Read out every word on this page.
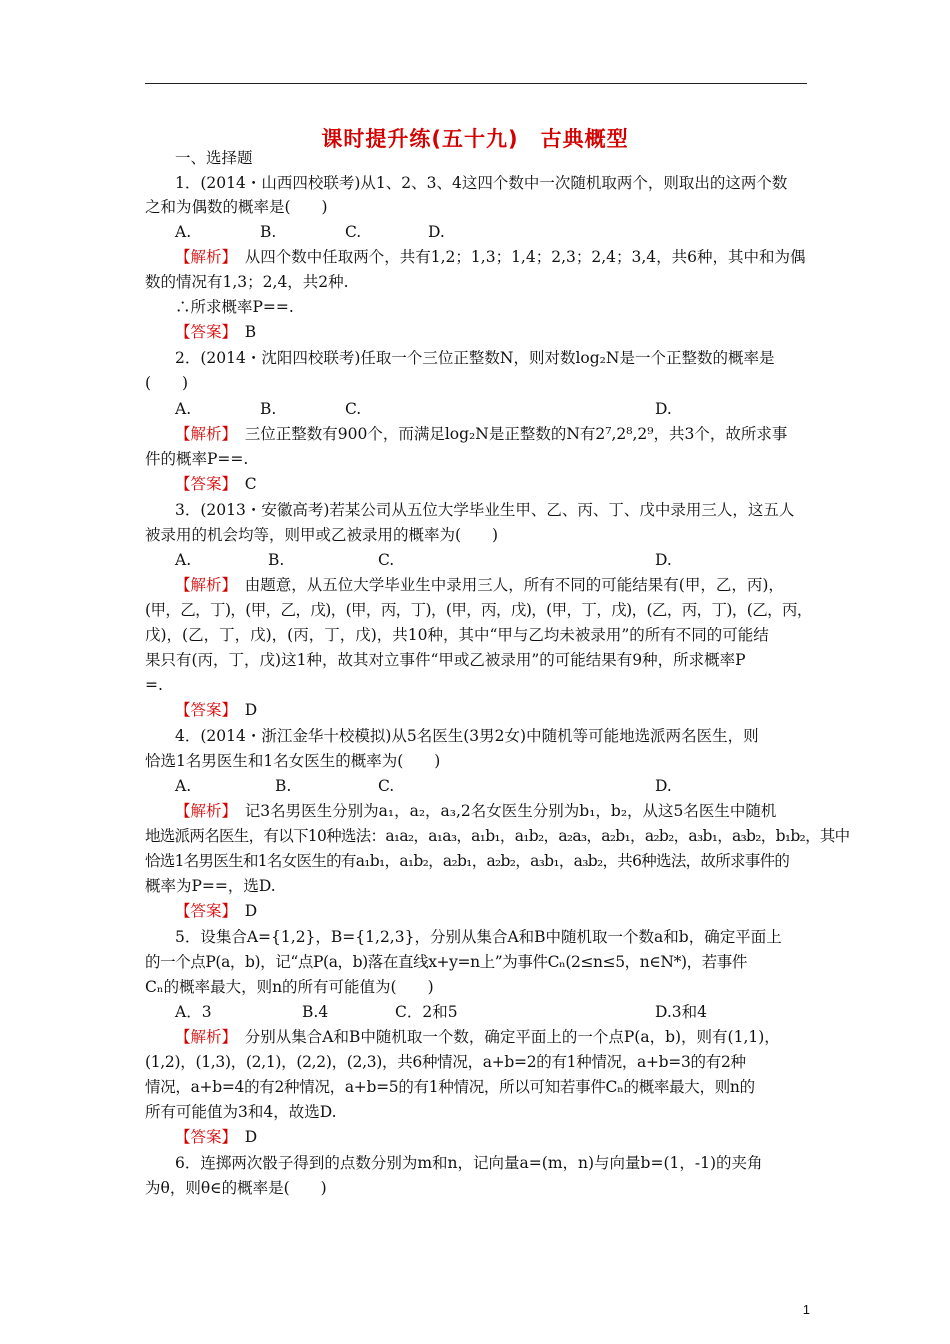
课时提升练(五十九)　古典概型
一、选择题
1．(2014・山西四校联考)从1、2、3、4这四个数中一次随机取两个，则取出的这两个数
之和为偶数的概率是(　　)
A.	B.	C.	D.
【解析】　从四个数中任取两个，共有1,2；1,3；1,4；2,3；2,4；3,4，共6种，其中和为偶
数的情况有1,3；2,4，共2种.
∴所求概率P==.
【答案】　B
2．(2014・沈阳四校联考)任取一个三位正整数N，则对数log₂N是一个正整数的概率是
(　　)
A.	B.	C.	D.
【解析】　三位正整数有900个，而满足log₂N是正整数的N有2⁷,2⁸,2⁹，共3个，故所求事
件的概率P==.
【答案】　C
3．(2013・安徽高考)若某公司从五位大学毕业生甲、乙、丙、丁、戊中录用三人，这五人
被录用的机会均等，则甲或乙被录用的概率为(　　)
A.	B.	C.	D.
【解析】　由题意，从五位大学毕业生中录用三人，所有不同的可能结果有(甲，乙，丙)，
(甲，乙，丁)，(甲，乙，戊)，(甲，丙，丁)，(甲，丙，戊)，(甲，丁，戊)，(乙，丙，丁)，(乙，丙，
戊)，(乙，丁，戊)，(丙，丁，戊)，共10种，其中“甲与乙均未被录用”的所有不同的可能结
果只有(丙，丁，戊)这1种，故其对立事件“甲或乙被录用”的可能结果有9种，所求概率P
=.
【答案】　D
4．(2014・浙江金华十校模拟)从5名医生(3男2女)中随机等可能地选派两名医生，则
恰选1名男医生和1名女医生的概率为(　　)
A.	B.	C.	D.
【解析】　记3名男医生分别为a₁，a₂，a₃,2名女医生分别为b₁，b₂，从这5名医生中随机
地选派两名医生，有以下10种选法：a₁a₂，a₁a₃，a₁b₁，a₁b₂，a₂a₃，a₂b₁，a₂b₂，a₃b₁，a₃b₂，b₁b₂，其中
恰选1名男医生和1名女医生的有a₁b₁，a₁b₂，a₂b₁，a₂b₂，a₃b₁，a₃b₂，共6种选法，故所求事件的
概率为P==，选D.
【答案】　D
5．设集合A={1,2}，B={1,2,3}，分别从集合A和B中随机取一个数a和b，确定平面上
的一个点P(a，b)，记“点P(a，b)落在直线x+y=n上”为事件Cₙ(2≤n≤5，n∈N*)，若事件
Cₙ的概率最大，则n的所有可能值为(　　)
A．3	B.4	C．2和5	D.3和4
【解析】　分别从集合A和B中随机取一个数，确定平面上的一个点P(a，b)，则有(1,1)，
(1,2)，(1,3)，(2,1)，(2,2)，(2,3)，共6种情况，a+b=2的有1种情况，a+b=3的有2种
情况，a+b=4的有2种情况，a+b=5的有1种情况，所以可知若事件Cₙ的概率最大，则n的
所有可能值为3和4，故选D.
【答案】　D
6．连掷两次骰子得到的点数分别为m和n，记向量a=(m，n)与向量b=(1，-1)的夹角
为θ，则θ∈的概率是(　　)
1
